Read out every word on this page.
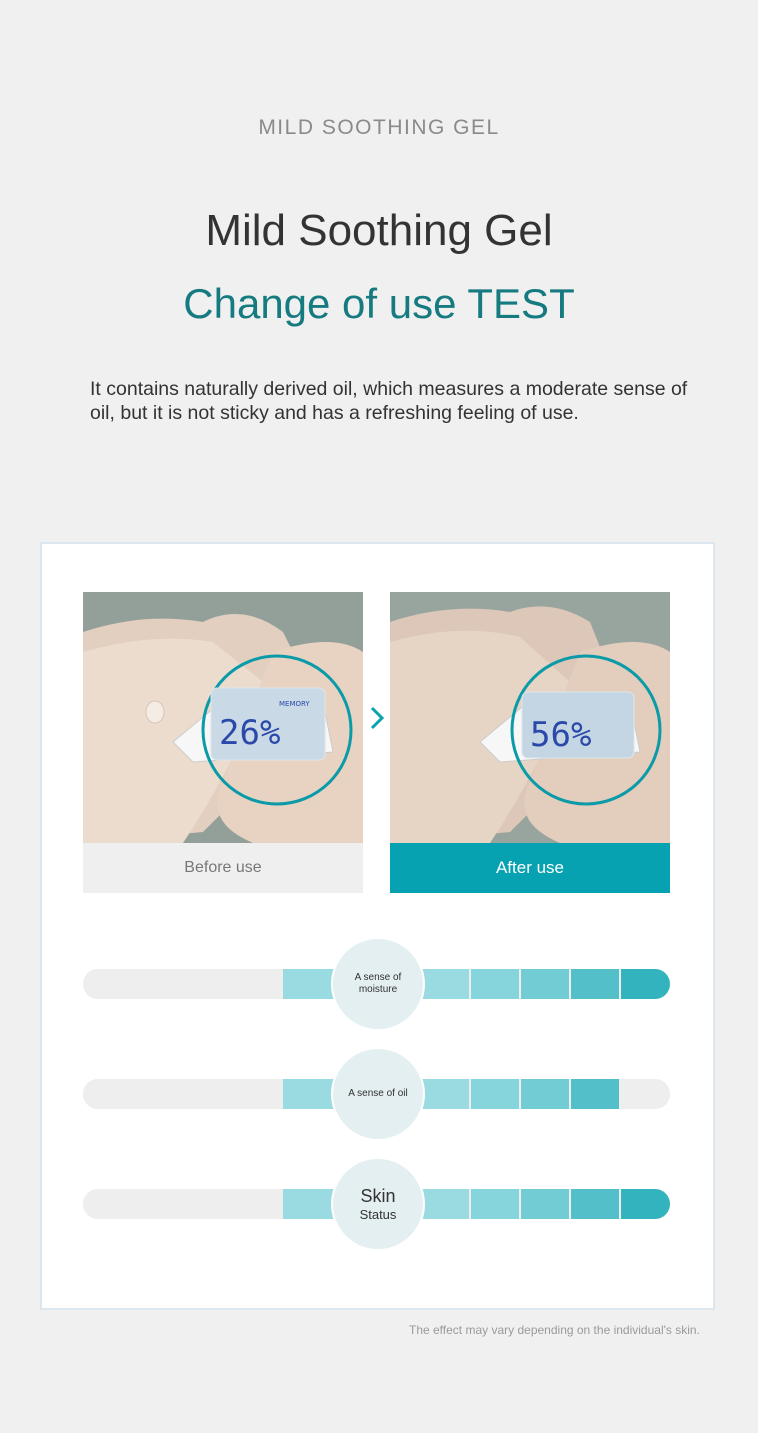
MILD SOOTHING GEL
Mild Soothing Gel
Change of use TEST
It contains naturally derived oil, which measures a moderate sense of oil, but it is not sticky and has a refreshing feeling of use.
26%
MEMORY
56%
Before use	After use
A sense of
moisture
A sense of oil
Skin
Status
The effect may vary depending on the individual's skin.
